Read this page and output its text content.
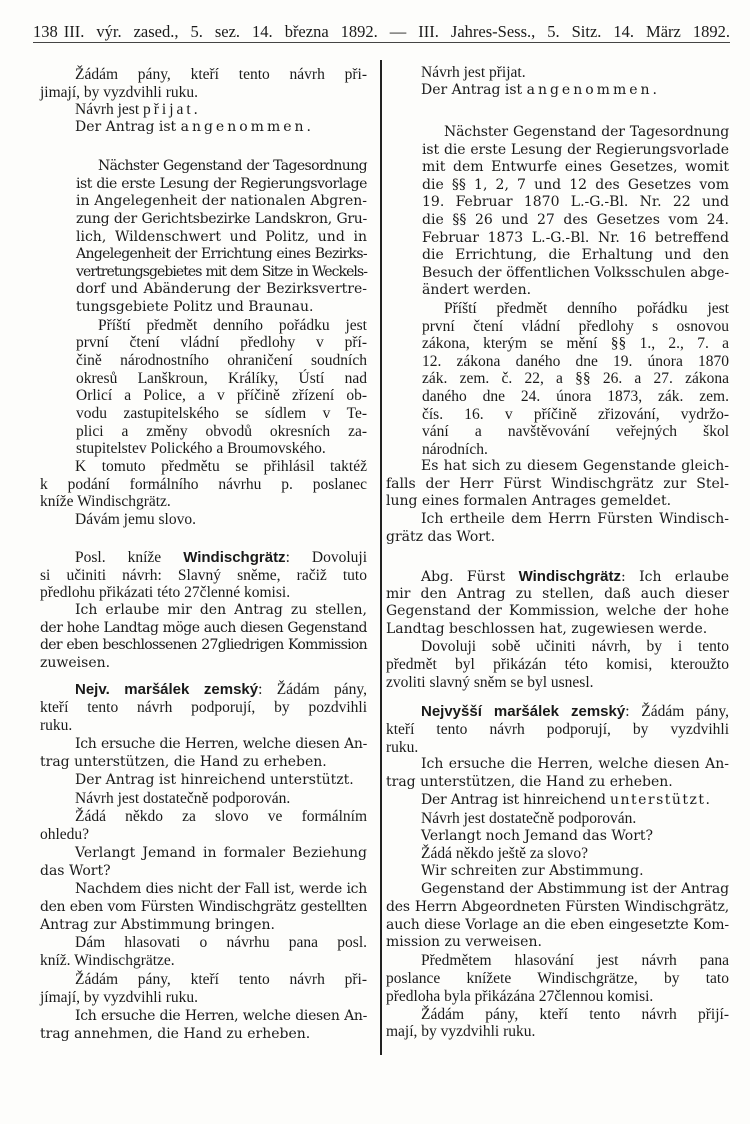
138 III. výr. zased., 5. sez. 14. března 1892. — III. Jahres-Sess., 5. Sitz. 14. März 1892.
Žádám pány, kteří tento návrh při-
jimají, by vyzdvihli ruku.
Návrh jest přijat.
Der Antrag ist angenommen.
Nächster Gegenstand der Tagesordnung
ist die erste Lesung der Regierungsvorlage
in Angelegenheit der nationalen Abgren-
zung der Gerichtsbezirke Landskron, Gru-
lich, Wildenschwert und Politz, und in
Angelegenheit der Errichtung eines Bezirks-
vertretungsgebietes mit dem Sitze in Weckels-
dorf und Abänderung der Bezirksvertre-
tungsgebiete Politz und Braunau.
Příští předmět denního pořádku jest
první čtení vládní předlohy v pří-
čině národnostního ohraničení soudních
okresů Lanškroun, Králíky, Ústí nad
Orlicí a Police, a v příčině zřízení ob-
vodu zastupitelského se sídlem v Te-
plici a změny obvodů okresních za-
stupitelstev Polického a Broumovského.
K tomuto předmětu se přihlásil taktéž
k podání formálního návrhu p. poslanec
kníže Windischgrätz.
Dávám jemu slovo.
Posl. kníže Windischgrätz: Dovoluji
si učiniti návrh: Slavný sněme, račiž tuto
předlohu přikázati této 27členné komisi.
Ich erlaube mir den Antrag zu stellen,
der hohe Landtag möge auch diesen Gegenstand
der eben beschlossenen 27gliedrigen Kommission
zuweisen.
Nejv. maršálek zemský: Žádám pány,
kteří tento návrh podporují, by pozdvihli
ruku.
Ich ersuche die Herren, welche diesen An-
trag unterstützen, die Hand zu erheben.
Der Antrag ist hinreichend unterstützt.
Návrh jest dostatečně podporován.
Žádá někdo za slovo ve formálním
ohledu?
Verlangt Jemand in formaler Beziehung
das Wort?
Nachdem dies nicht der Fall ist, werde ich
den eben vom Fürsten Windischgrätz gestellten
Antrag zur Abstimmung bringen.
Dám hlasovati o návrhu pana posl.
kníž. Windischgrätze.
Žádám pány, kteří tento návrh při-
jímají, by vyzdvihli ruku.
Ich ersuche die Herren, welche diesen An-
trag annehmen, die Hand zu erheben.
Návrh jest přijat.
Der Antrag ist angenommen.
Nächster Gegenstand der Tagesordnung
ist die erste Lesung der Regierungsvorlade
mit dem Entwurfe eines Gesetzes, womit
die §§ 1, 2, 7 und 12 des Gesetzes vom
19. Februar 1870 L.-G.-Bl. Nr. 22 und
die §§ 26 und 27 des Gesetzes vom 24.
Februar 1873 L.-G.-Bl. Nr. 16 betreffend
die Errichtung, die Erhaltung und den
Besuch der öffentlichen Volksschulen abge-
ändert werden.
Příští předmět denního pořádku jest
první čtení vládní předlohy s osnovou
zákona, kterým se mění §§ 1., 2., 7. a
12. zákona daného dne 19. února 1870
zák. zem. č. 22, a §§ 26. a 27. zákona
daného dne 24. února 1873, zák. zem.
čís. 16. v příčině zřizování, vydržo-
vání a navštěvování veřejných škol
národních.
Es hat sich zu diesem Gegenstande gleich-
falls der Herr Fürst Windischgrätz zur Stel-
lung eines formalen Antrages gemeldet.
Ich ertheile dem Herrn Fürsten Windisch-
grätz das Wort.
Abg. Fürst Windischgrätz: Ich erlaube
mir den Antrag zu stellen, daß auch dieser
Gegenstand der Kommission, welche der hohe
Landtag beschlossen hat, zugewiesen werde.
Dovoluji sobě učiniti návrh, by i tento
předmět byl přikázán této komisi, kteroužto
zvoliti slavný sněm se byl usnesl.
Nejvyšší maršálek zemský: Žádám pány,
kteří tento návrh podporují, by vyzdvihli
ruku.
Ich ersuche die Herren, welche diesen An-
trag unterstützen, die Hand zu erheben.
Der Antrag ist hinreichend unterstützt.
Návrh jest dostatečně podporován.
Verlangt noch Jemand das Wort?
Žádá někdo ještě za slovo?
Wir schreiten zur Abstimmung.
Gegenstand der Abstimmung ist der Antrag
des Herrn Abgeordneten Fürsten Windischgrätz,
auch diese Vorlage an die eben eingesetzte Kom-
mission zu verweisen.
Předmětem hlasování jest návrh pana
poslance knížete Windischgrätze, by tato
předloha byla přikázána 27člennou komisi.
Žádám pány, kteří tento návrh přijí-
mají, by vyzdvihli ruku.
